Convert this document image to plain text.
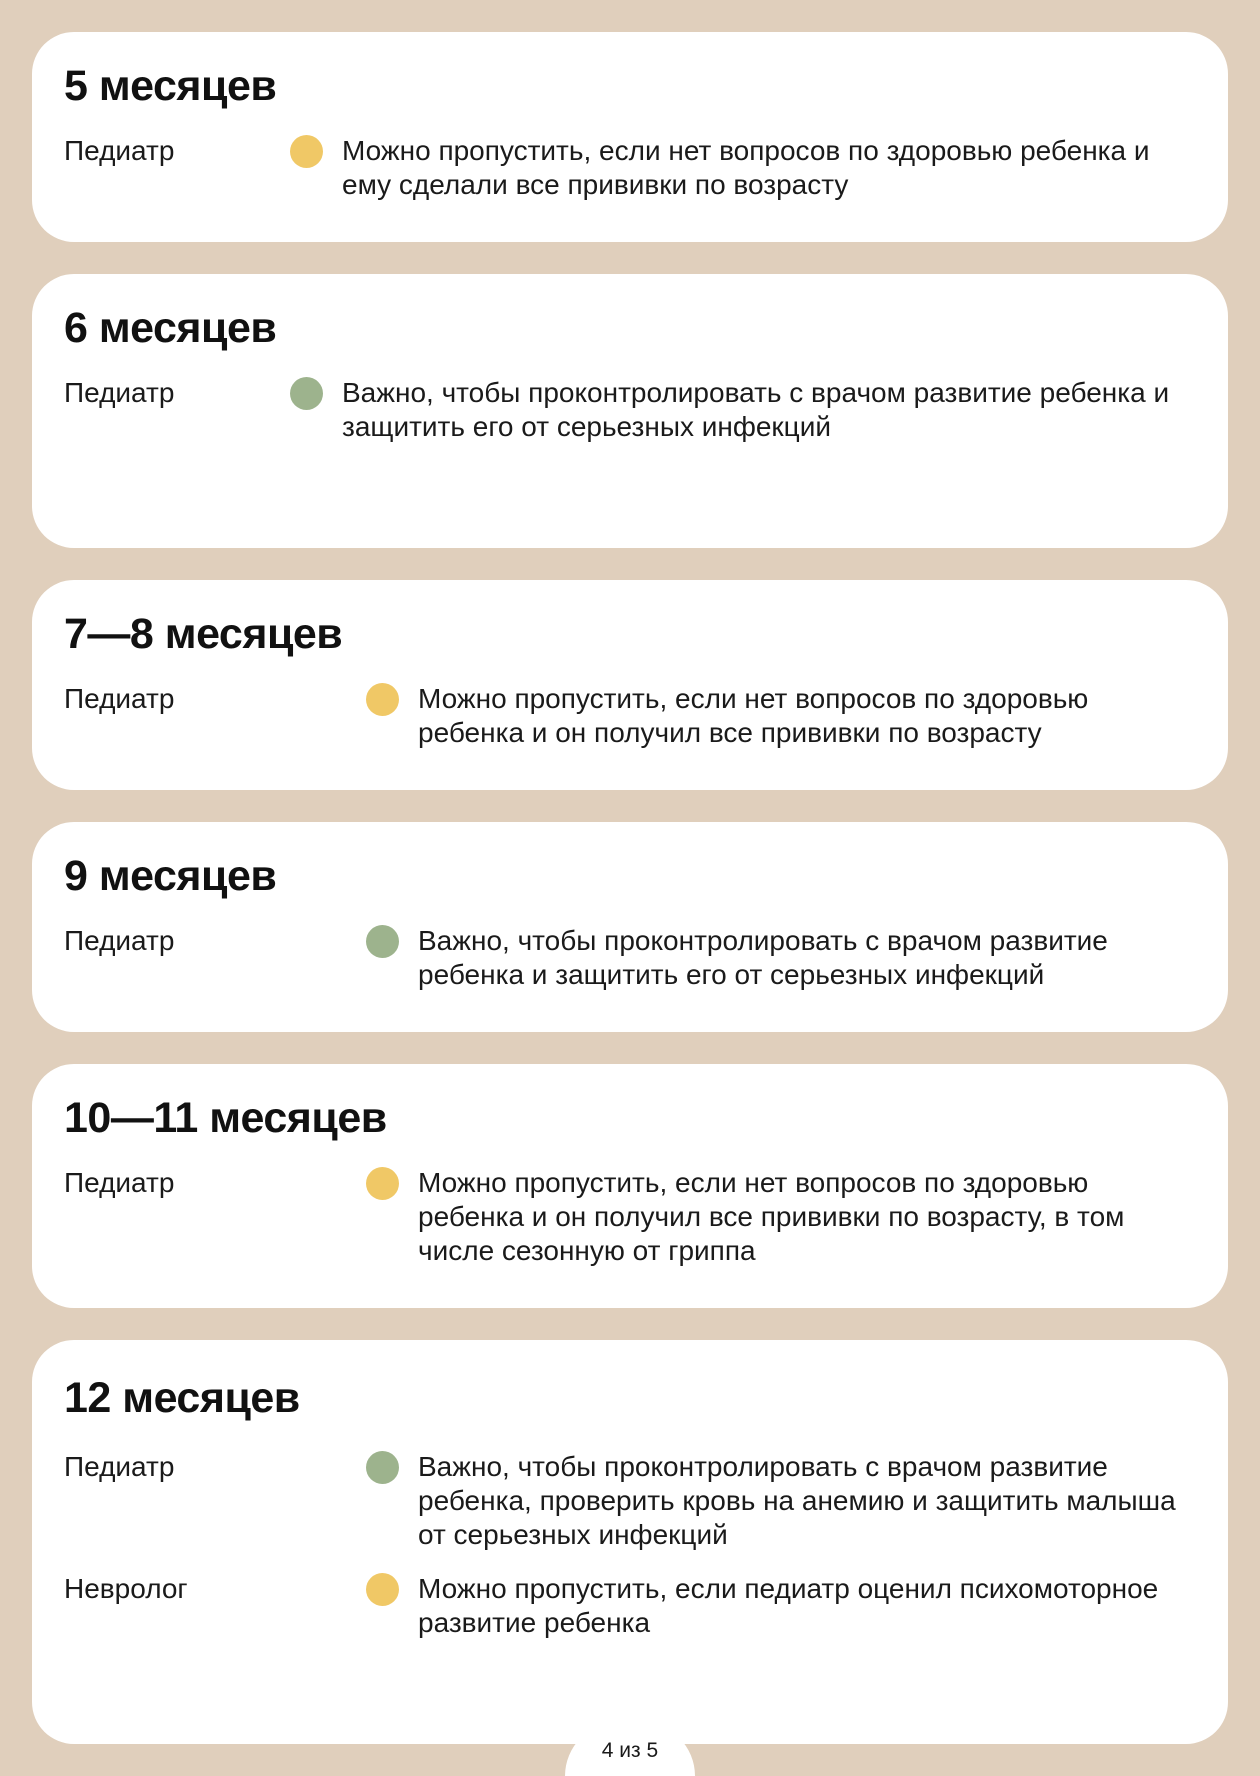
5 месяцев
Педиатр	Можно пропустить, если нет вопросов по здоровью ребенка и ему сделали все прививки по возрасту
6 месяцев
Педиатр	Важно, чтобы проконтролировать с врачом развитие ребенка и защитить его от серьезных инфекций
7—8 месяцев
Педиатр	Можно пропустить, если нет вопросов по здоровью ребенка и он получил все прививки по возрасту
9 месяцев
Педиатр	Важно, чтобы проконтролировать с врачом развитие ребенка и защитить его от серьезных инфекций
10—11 месяцев
Педиатр	Можно пропустить, если нет вопросов по здоровью ребенка и он получил все прививки по возрасту, в том числе сезонную от гриппа
12 месяцев
Педиатр	Важно, чтобы проконтролировать с врачом развитие ребенка, проверить кровь на анемию и защитить малыша от серьезных инфекций
Невролог	Можно пропустить, если педиатр оценил психомоторное развитие ребенка
4 из 5
